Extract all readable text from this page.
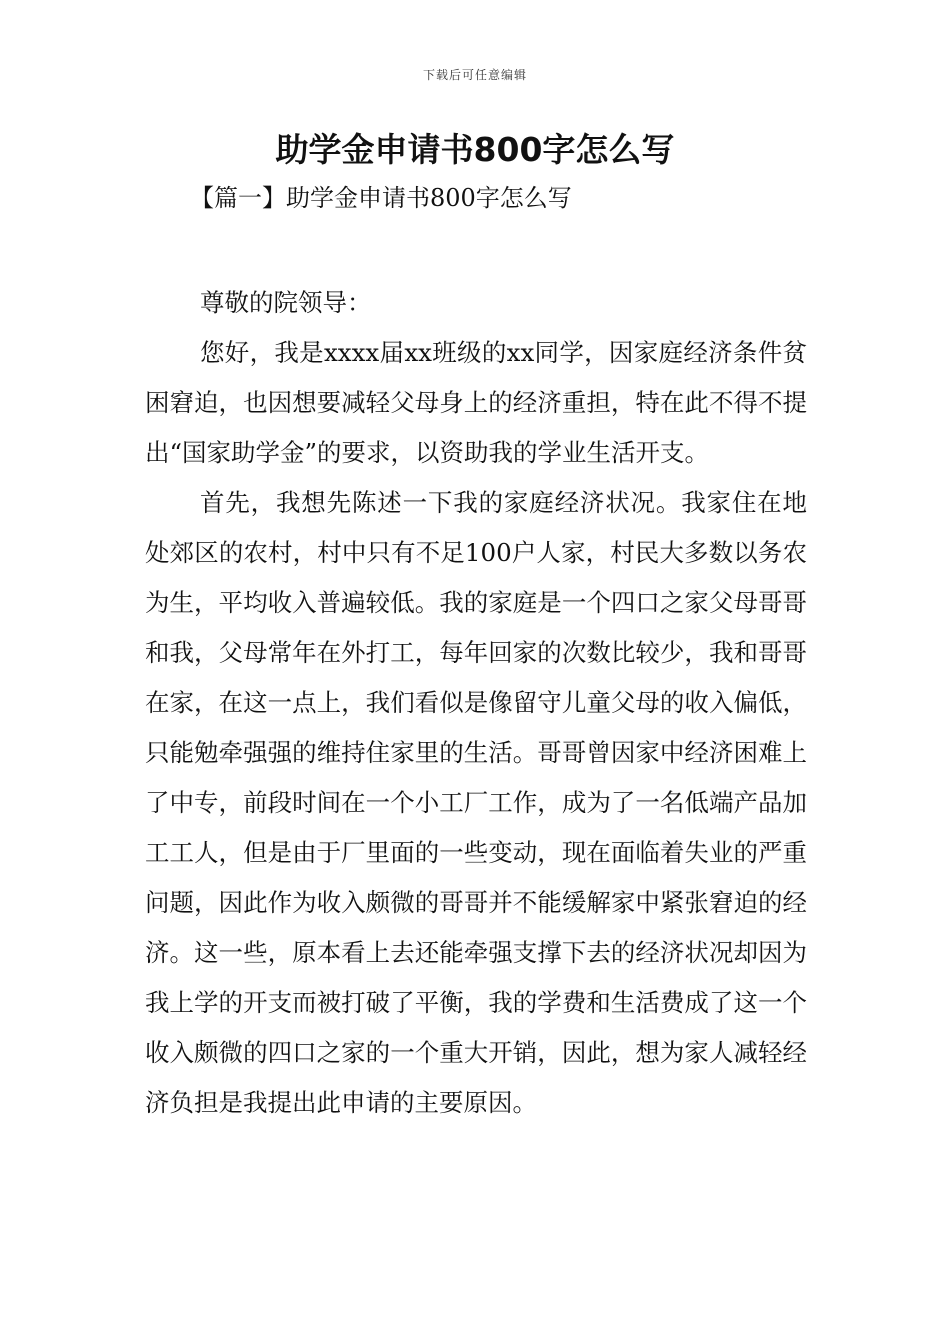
下载后可任意编辑
助学金申请书800字怎么写
【篇一】助学金申请书800字怎么写

尊敬的院领导：

您好，我是xxxx届xx班级的xx同学，因家庭经济条件贫困窘迫，也因想要减轻父母身上的经济重担，特在此不得不提出“国家助学金”的要求，以资助我的学业生活开支。

首先，我想先陈述一下我的家庭经济状况。我家住在地处郊区的农村，村中只有不足100户人家，村民大多数以务农为生，平均收入普遍较低。我的家庭是一个四口之家父母哥哥和我，父母常年在外打工，每年回家的次数比较少，我和哥哥在家，在这一点上，我们看似是像留守儿童父母的收入偏低，只能勉牵强强的维持住家里的生活。哥哥曾因家中经济困难上了中专，前段时间在一个小工厂工作，成为了一名低端产品加工工人，但是由于厂里面的一些变动，现在面临着失业的严重问题，因此作为收入颇微的哥哥并不能缓解家中紧张窘迫的经济。这一些，原本看上去还能牵强支撑下去的经济状况却因为我上学的开支而被打破了平衡，我的学费和生活费成了这一个收入颇微的四口之家的一个重大开销，因此，想为家人减轻经济负担是我提出此申请的主要原因。
